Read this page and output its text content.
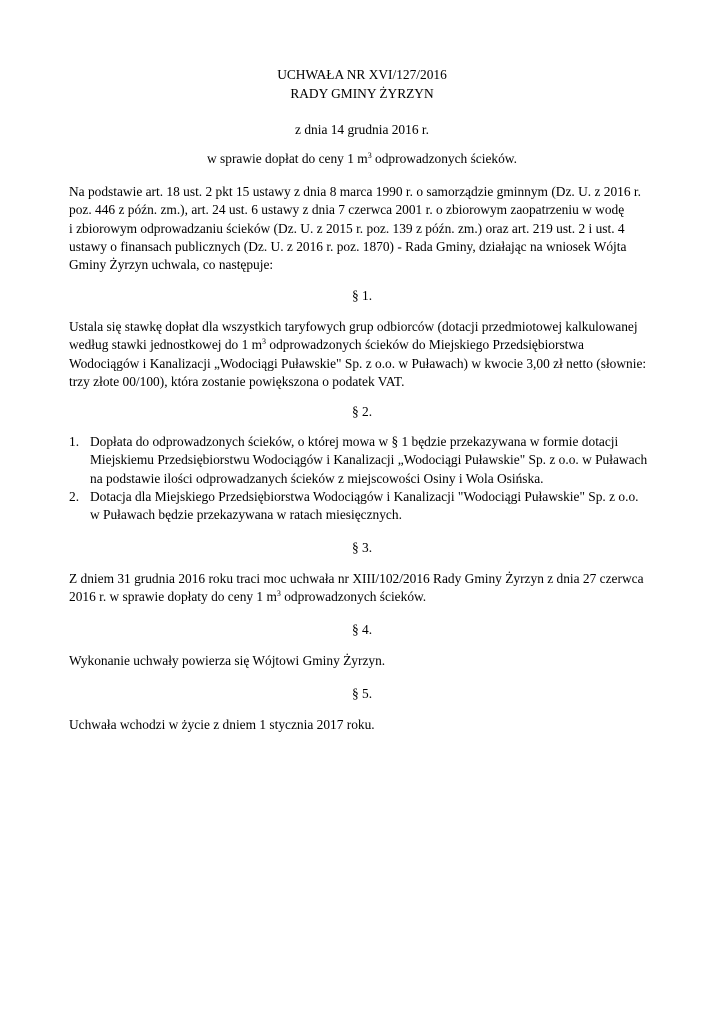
UCHWAŁA NR XVI/127/2016
RADY GMINY ŻYRZYN
z dnia 14 grudnia 2016 r.
w sprawie dopłat do ceny 1 $m^3$ odprowadzonych ścieków.
Na podstawie art. 18 ust. 2 pkt 15 ustawy z dnia 8 marca 1990 r. o samorządzie gminnym (Dz. U. z 2016 r.
poz. 446 z późn. zm.), art. 24 ust. 6 ustawy z dnia 7 czerwca 2001 r. o zbiorowym zaopatrzeniu w wodę
i zbiorowym odprowadzaniu ścieków (Dz. U. z 2015 r. poz. 139 z późn. zm.) oraz art. 219 ust. 2 i ust. 4
ustawy o finansach publicznych (Dz. U. z 2016 r. poz. 1870) - Rada Gminy, działając na wniosek Wójta
Gminy Żyrzyn uchwala, co następuje:
§ 1.
Ustala się stawkę dopłat dla wszystkich taryfowych grup odbiorców (dotacji przedmiotowej kalkulowanej
według stawki jednostkowej do 1 $m^3$ odprowadzonych ścieków do Miejskiego Przedsiębiorstwa
Wodociągów i Kanalizacji „Wodociągi Puławskie" Sp. z o.o. w Puławach) w kwocie 3,00 zł netto (słownie:
trzy złote 00/100), która zostanie powiększona o podatek VAT.
§ 2.
1. Dopłata do odprowadzonych ścieków, o której mowa w § 1 będzie przekazywana w formie dotacji
Miejskiemu Przedsiębiorstwu Wodociągów i Kanalizacji „Wodociągi Puławskie" Sp. z o.o. w Puławach
na podstawie ilości odprowadzanych ścieków z miejscowości Osiny i Wola Osińska.
2. Dotacja dla Miejskiego Przedsiębiorstwa Wodociągów i Kanalizacji "Wodociągi Puławskie" Sp. z o.o.
w Puławach będzie przekazywana w ratach miesięcznych.
§ 3.
Z dniem 31 grudnia 2016 roku traci moc uchwała nr XIII/102/2016 Rady Gminy Żyrzyn z dnia 27 czerwca
2016 r. w sprawie dopłaty do ceny 1 $m^3$ odprowadzonych ścieków.
§ 4.
Wykonanie uchwały powierza się Wójtowi Gminy Żyrzyn.
§ 5.
Uchwała wchodzi w życie z dniem 1 stycznia 2017 roku.
